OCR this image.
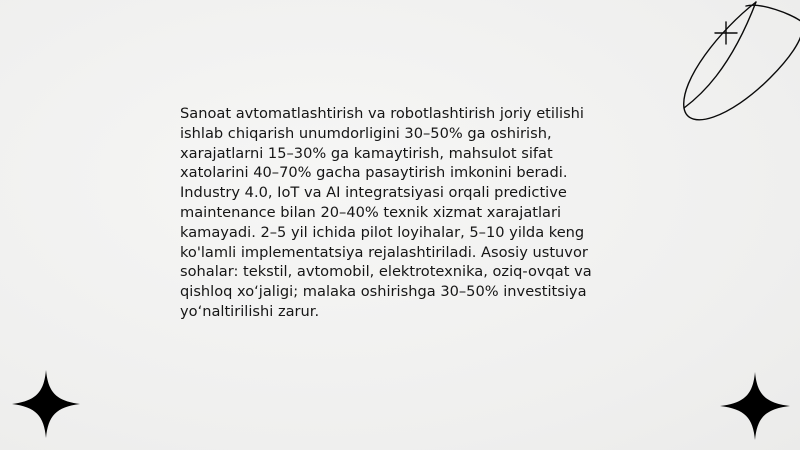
Sanoat avtomatlashtirish va robotlashtirish joriy etilishi ishlab chiqarish unumdorligini 30–50% ga oshirish, xarajatlarni 15–30% ga kamaytirish, mahsulot sifat xatolarini 40–70% gacha pasaytirish imkonini beradi. Industry 4.0, IoT va AI integratsiyasi orqali predictive maintenance bilan 20–40% texnik xizmat xarajatlari kamayadi. 2–5 yil ichida pilot loyihalar, 5–10 yilda keng ko'lamli implementatsiya rejalashtiriladi. Asosiy ustuvor sohalar: tekstil, avtomobil, elektrotexnika, oziq-ovqat va qishloq xo‘jaligi; malaka oshirishga 30–50% investitsiya yo‘naltirilishi zarur.
